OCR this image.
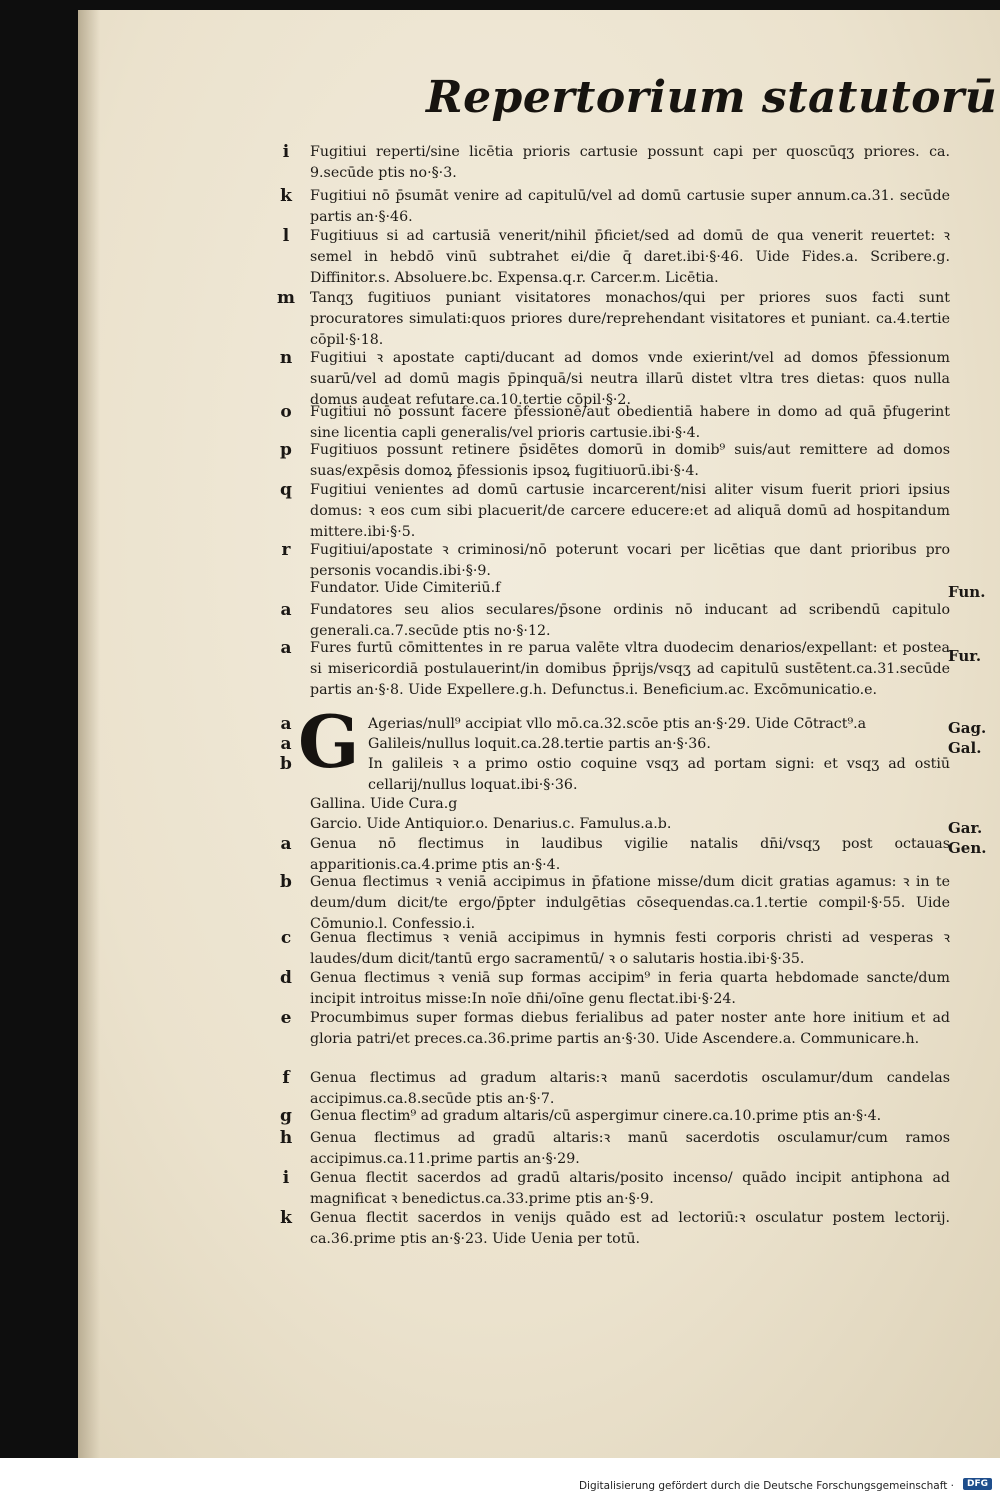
Repertorium statutorū
G
i	Fugitiui reperti/sine licētia prioris cartusie possunt capi per quoscūqʒ priores. ca. 9.secūde ptis no·§·3.
k	Fugitiui nō p̄sumāt venire ad capitulū/vel ad domū cartusie super annum.ca.31. secūde partis an·§·46.
l	Fugitiuus si ad cartusiā venerit/nihil p̄ficiet/sed ad domū de qua venerit reuertet: ꝛ semel in hebdō vinū subtrahet ei/die q̄ daret.ibi·§·46. Uide Fides.a. Scribere.g. Diffinitor.s. Absoluere.bc. Expensa.q.r. Carcer.m. Licētia.
m Tanqʒ fugitiuos puniant visitatores monachos/qui per priores suos facti sunt procuratores simulati:quos priores dure/reprehendant visitatores et puniant. ca.4.tertie cōpil·§·18.
n	Fugitiui ꝛ apostate capti/ducant ad domos vnde exierint/vel ad domos p̄fessionum suarū/vel ad domū magis p̄pinquā/si neutra illarū distet vltra tres dietas: quos nulla domus audeat refutare.ca.10.tertie cōpil·§·2.
o	Fugitiui nō possunt facere p̄fessionē/aut obedientiā habere in domo ad quā p̄fugerint sine licentia capli generalis/vel prioris cartusie.ibi·§·4.
p	Fugitiuos possunt retinere p̄sidētes domorū in domib⁹ suis/aut remittere ad domos suas/expēsis domoꝝ p̄fessionis ipsoꝝ fugitiuorū.ibi·§·4.
q	Fugitiui venientes ad domū cartusie incarcerent/nisi aliter visum fuerit priori ipsius domus: ꝛ eos cum sibi placuerit/de carcere educere:et ad aliquā domū ad hospitandum mittere.ibi·§·5.
r	Fugitiui/apostate ꝛ criminosi/nō poterunt vocari per licētias que dant prioribus pro personis vocandis.ibi·§·9.
Fundator. Uide Cimiteriū.f	Fun.
a	Fundatores seu alios seculares/p̄sone ordinis nō inducant ad scribendū capitulo generali.ca.7.secūde ptis no·§·12.
a	Fures furtū cōmittentes in re parua valēte vltra duodecim denarios/expellant: et postea si misericordiā postulauerint/in domibus p̄prijs/vsqʒ ad capitulū sustētent.ca.31.secūde partis an·§·8. Uide Expellere.g.h. Defunctus.i. Beneficium.ac. Excōmunicatio.e.
Fur.
a	Agerias/null⁹ accipiat vllo mō.ca.32.scōe ptis an·§·29. Uide Cōtract⁹.a	Gag.
a	Galileis/nullus loquit.ca.28.tertie partis an·§·36.	Gal.
b	In galileis ꝛ a primo ostio coquine vsqʒ ad portam signi: et vsqʒ ad ostiū cellarij/nullus loquat.ibi·§·36.
Gallina. Uide Cura.g
Garcio. Uide Antiquior.o. Denarius.c. Famulus.a.b.	Gar.
a	Genua nō flectimus in laudibus vigilie natalis dn̄i/vsqʒ post octauas apparitionis.ca.4.prime ptis an·§·4.
Gen.
b	Genua flectimus ꝛ veniā accipimus in p̄fatione misse/dum dicit gratias agamus: ꝛ in te deum/dum dicit/te ergo/p̄pter indulgētias cōsequendas.ca.1.tertie compil·§·55. Uide Cōmunio.l. Confessio.i.
c	Genua flectimus ꝛ veniā accipimus in hymnis festi corporis christi ad vesperas ꝛ laudes/dum dicit/tantū ergo sacramentū/ ꝛ o salutaris hostia.ibi·§·35.
d	Genua flectimus ꝛ veniā sup formas accipim⁹ in feria quarta hebdomade sancte/dum incipit introitus misse:In noīe dn̄i/oīne genu flectat.ibi·§·24.
e	Procumbimus super formas diebus ferialibus ad pater noster ante hore initium et ad gloria patri/et preces.ca.36.prime partis an·§·30. Uide Ascendere.a. Communicare.h.
f	Genua flectimus ad gradum altaris:ꝛ manū sacerdotis osculamur/dum candelas accipimus.ca.8.secūde ptis an·§·7.
g	Genua flectim⁹ ad gradum altaris/cū aspergimur cinere.ca.10.prime ptis an·§·4.
h	Genua flectimus ad gradū altaris:ꝛ manū sacerdotis osculamur/cum ramos accipimus.ca.11.prime partis an·§·29.
i	Genua flectit sacerdos ad gradū altaris/posito incenso/ quādo incipit antiphona ad magnificat ꝛ benedictus.ca.33.prime ptis an·§·9.
k	Genua flectit sacerdos in venijs quādo est ad lectoriū:ꝛ osculatur postem lectorij. ca.36.prime ptis an·§·23. Uide Uenia per totū.
Digitalisierung gefördert durch die Deutsche Forschungsgemeinschaft ·	DFG
